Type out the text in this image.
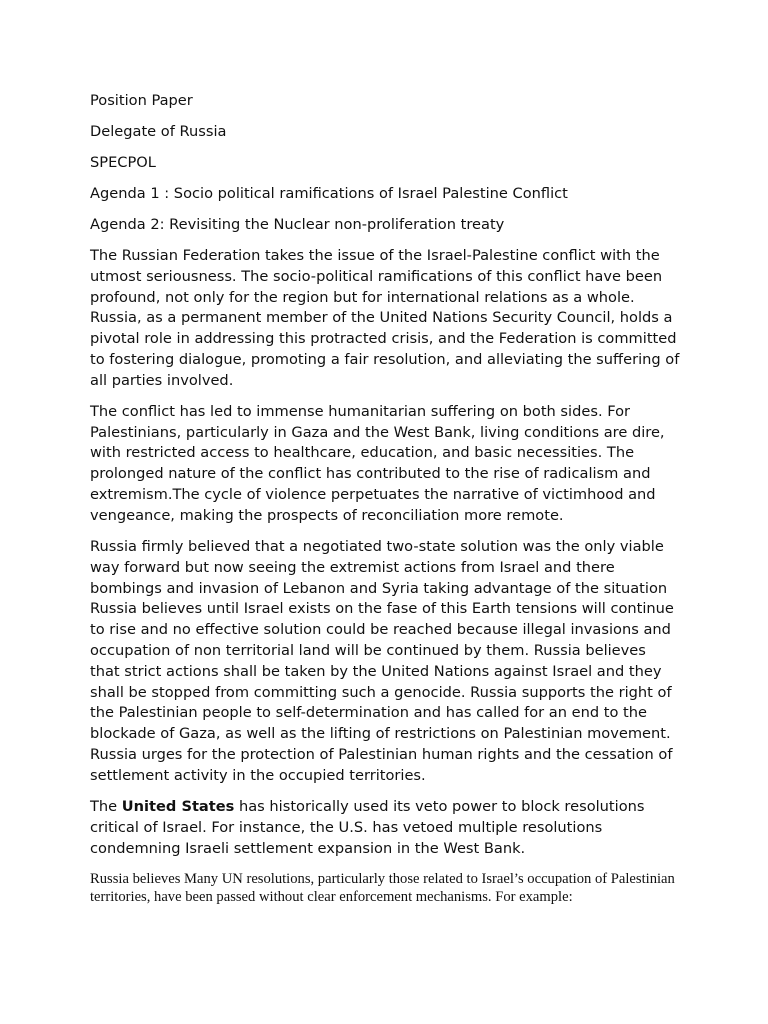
Position Paper

Delegate of Russia

SPECPOL

Agenda 1 : Socio political ramifications of Israel Palestine Conflict

Agenda 2: Revisiting the Nuclear non-proliferation treaty

The Russian Federation takes the issue of the Israel-Palestine conflict with the utmost seriousness. The socio-political ramifications of this conflict have been profound, not only for the region but for international relations as a whole. Russia, as a permanent member of the United Nations Security Council, holds a pivotal role in addressing this protracted crisis, and the Federation is committed to fostering dialogue, promoting a fair resolution, and alleviating the suffering of all parties involved.

The conflict has led to immense humanitarian suffering on both sides. For Palestinians, particularly in Gaza and the West Bank, living conditions are dire, with restricted access to healthcare, education, and basic necessities. The prolonged nature of the conflict has contributed to the rise of radicalism and extremism.The cycle of violence perpetuates the narrative of victimhood and vengeance, making the prospects of reconciliation more remote.

Russia firmly believed that a negotiated two-state solution was the only viable way forward but now seeing the extremist actions from Israel and there bombings and invasion of Lebanon and Syria taking advantage of the situation Russia believes until Israel exists on the fase of this Earth tensions will continue to rise and no effective solution could be reached because illegal invasions and occupation of non territorial land will be continued by them. Russia believes that strict actions shall be taken by the United Nations against Israel and they shall be stopped from committing such a genocide. Russia supports the right of the Palestinian people to self-determination and has called for an end to the blockade of Gaza, as well as the lifting of restrictions on Palestinian movement. Russia urges for the protection of Palestinian human rights and the cessation of settlement activity in the occupied territories.

The United States has historically used its veto power to block resolutions critical of Israel. For instance, the U.S. has vetoed multiple resolutions condemning Israeli settlement expansion in the West Bank.

Russia believes Many UN resolutions, particularly those related to Israel’s occupation of Palestinian territories, have been passed without clear enforcement mechanisms. For example:
